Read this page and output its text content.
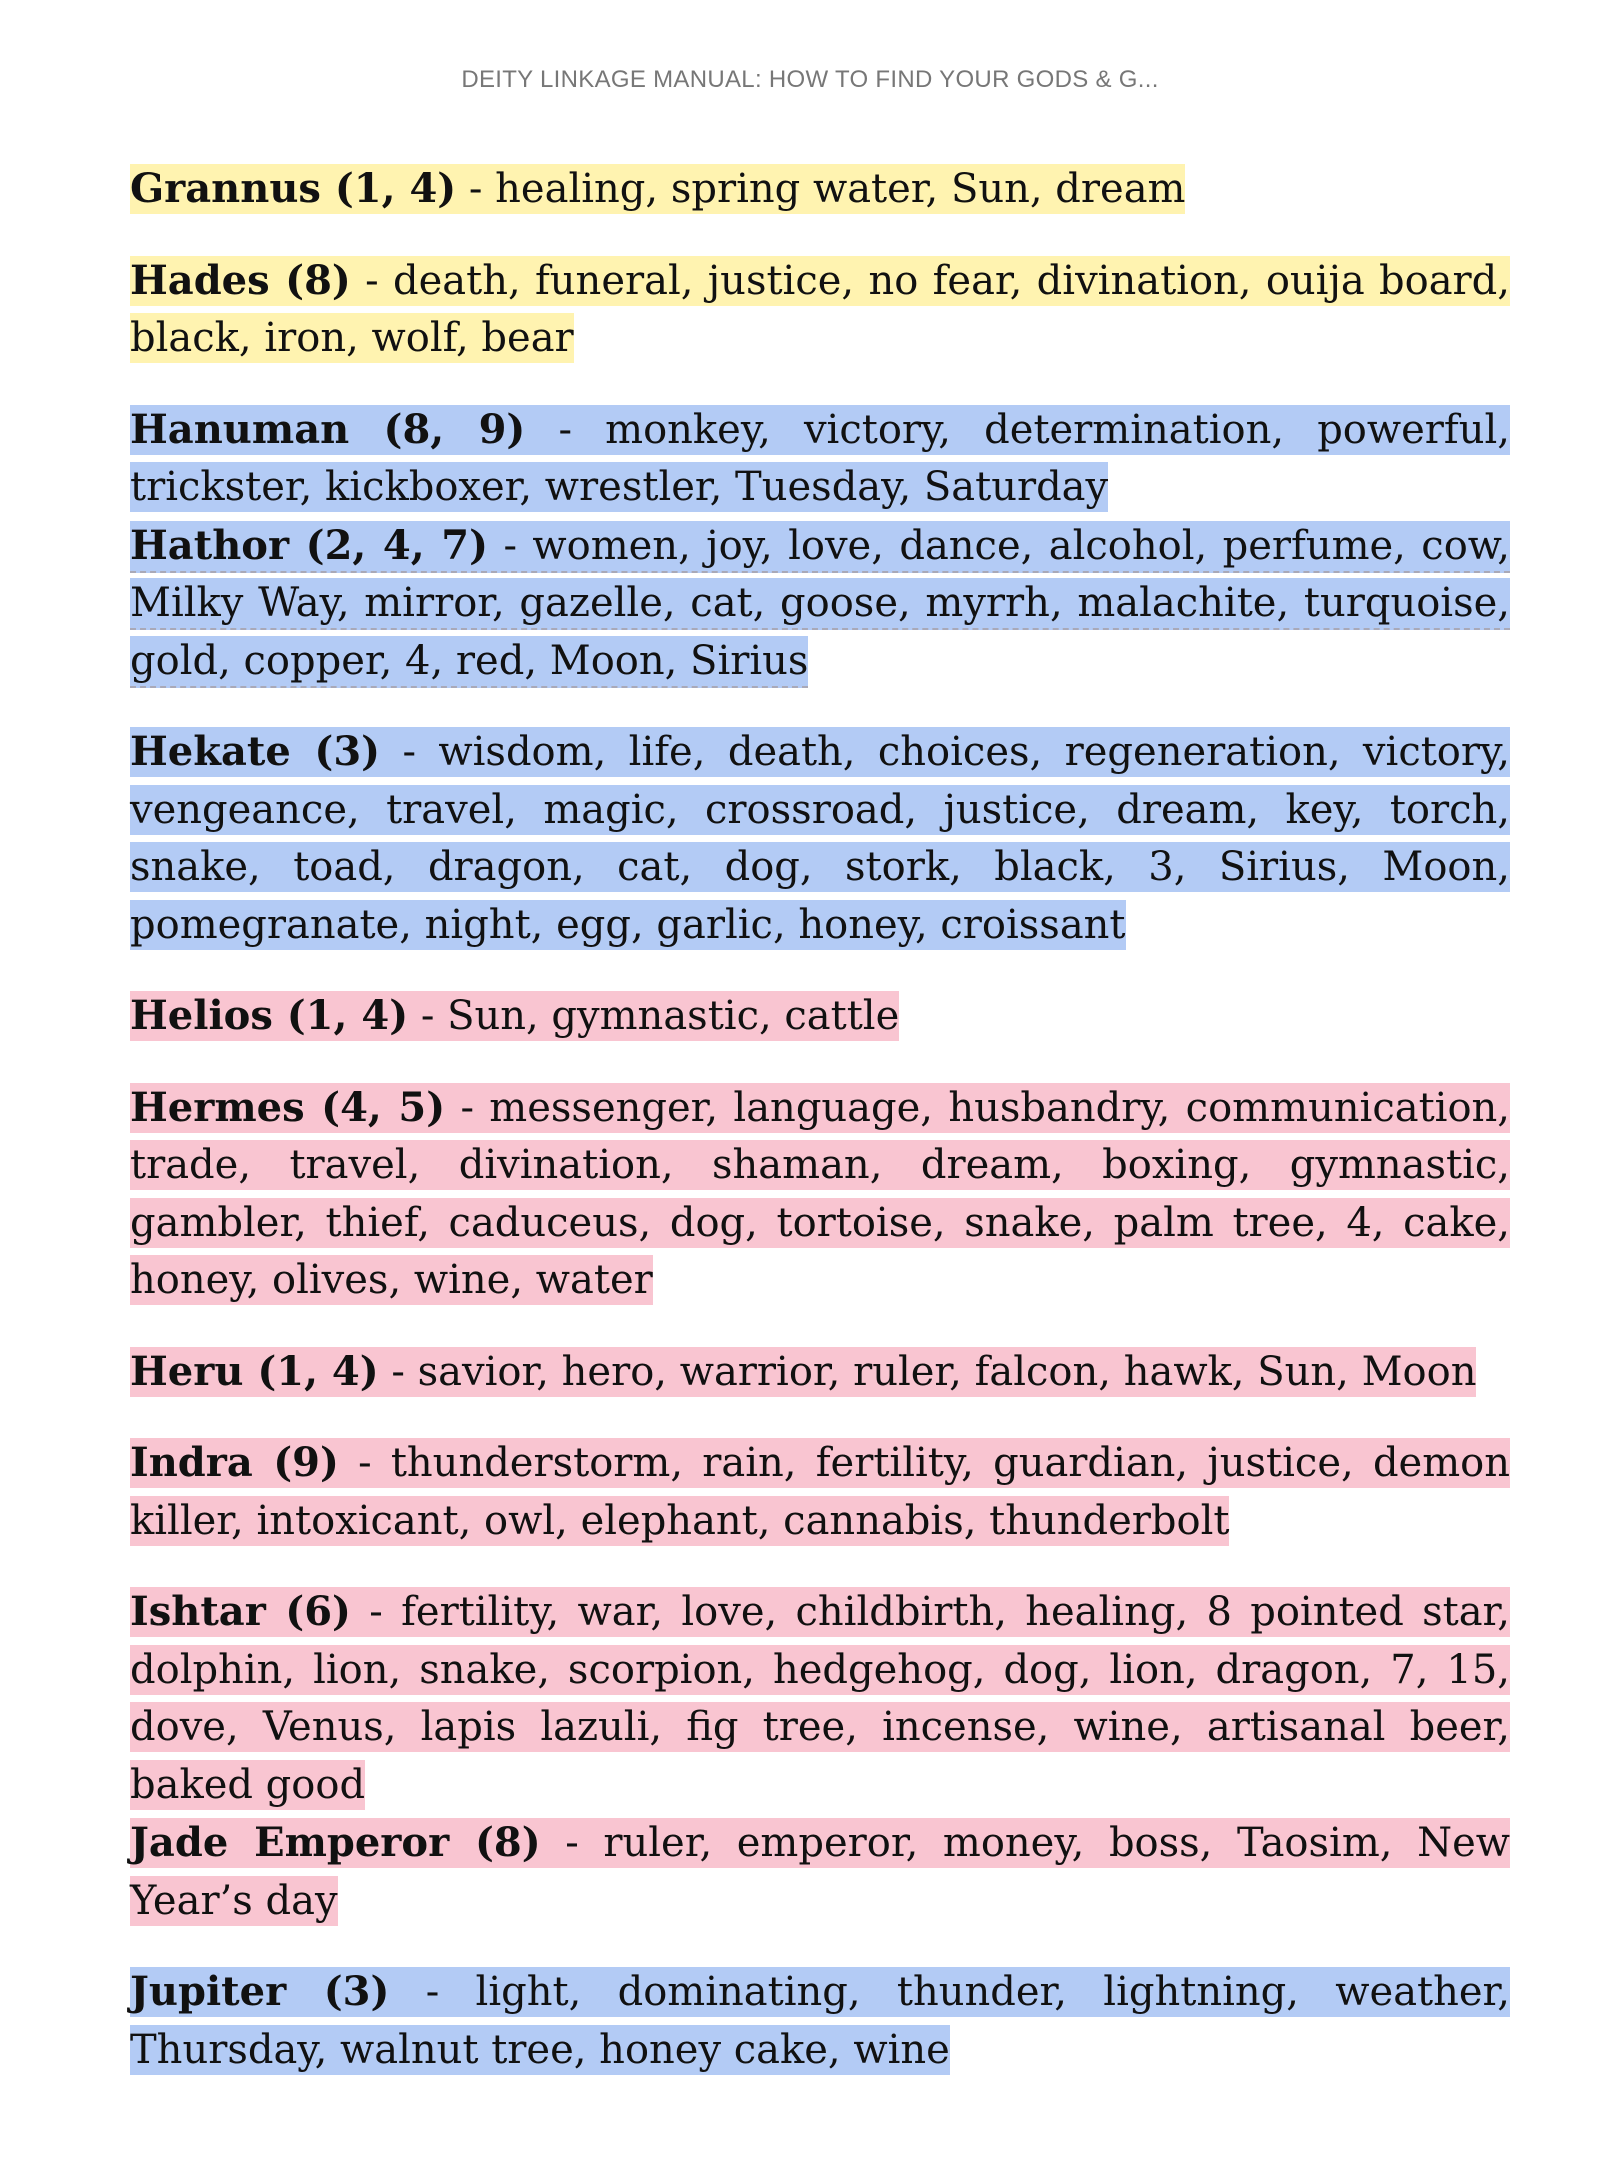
DEITY LINKAGE MANUAL: HOW TO FIND YOUR GODS & G...

Grannus (1, 4) - healing, spring water, Sun, dream

Hades (8) - death, funeral, justice, no fear, divination, ouija board, black, iron, wolf, bear

Hanuman (8, 9) - monkey, victory, determination, powerful, trickster, kickboxer, wrestler, Tuesday, Saturday

Hathor (2, 4, 7) - women, joy, love, dance, alcohol, perfume, cow, Milky Way, mirror, gazelle, cat, goose, myrrh, malachite, turquoise, gold, copper, 4, red, Moon, Sirius

Hekate (3) - wisdom, life, death, choices, regeneration, victory, vengeance, travel, magic, crossroad, justice, dream, key, torch, snake, toad, dragon, cat, dog, stork, black, 3, Sirius, Moon, pomegranate, night, egg, garlic, honey, croissant

Helios (1, 4) - Sun, gymnastic, cattle

Hermes (4, 5) - messenger, language, husbandry, communication, trade, travel, divination, shaman, dream, boxing, gymnastic, gambler, thief, caduceus, dog, tortoise, snake, palm tree, 4, cake, honey, olives, wine, water

Heru (1, 4) - savior, hero, warrior, ruler, falcon, hawk, Sun, Moon

Indra (9) - thunderstorm, rain, fertility, guardian, justice, demon killer, intoxicant, owl, elephant, cannabis, thunderbolt

Ishtar (6) - fertility, war, love, childbirth, healing, 8 pointed star, dolphin, lion, snake, scorpion, hedgehog, dog, lion, dragon, 7, 15, dove, Venus, lapis lazuli, fig tree, incense, wine, artisanal beer, baked good

Jade Emperor (8) - ruler, emperor, money, boss, Taosim, New Year’s day

Jupiter (3) - light, dominating, thunder, lightning, weather, Thursday, walnut tree, honey cake, wine
